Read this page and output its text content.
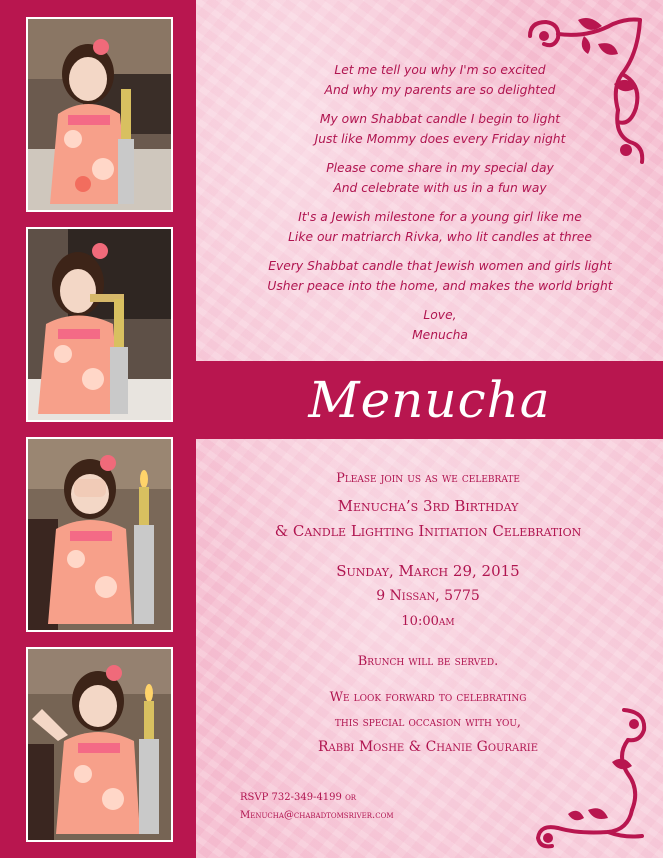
Let me tell you why I'm so excited
And why my parents are so delighted

My own Shabbat candle I begin to light
Just like Mommy does every Friday night

Please come share in my special day
And celebrate with us in a fun way

It's a Jewish milestone for a young girl like me
Like our matriarch Rivka, who lit candles at three

Every Shabbat candle that Jewish women and girls light
Usher peace into the home, and makes the world bright

Love,
Menucha

Menucha
Please join us as we celebrate
Menucha’s 3rd Birthday
& Candle Lighting Initiation Celebration
Sunday, March 29, 2015
9 Nissan, 5775
10:00am
Brunch will be served.
We look forward to celebrating
this special occasion with you,
Rabbi Moshe & Chanie Gourarie
RSVP 732-349-4199 or
Menucha@chabadtomsriver.com
